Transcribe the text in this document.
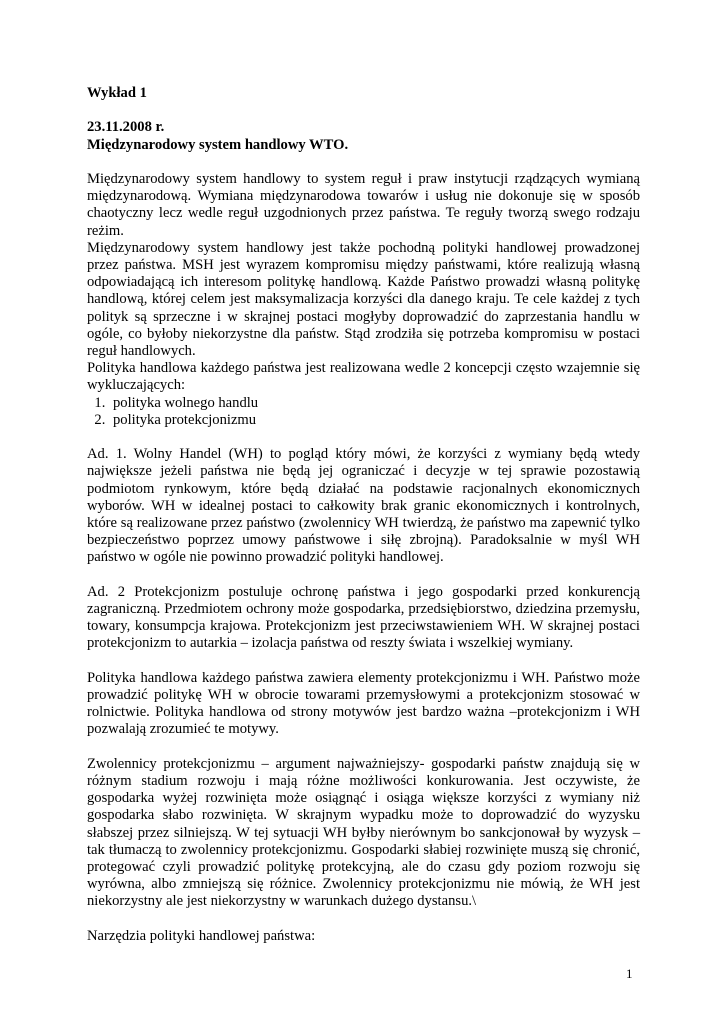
Wykład 1

23.11.2008 r.

Międzynarodowy system handlowy WTO.

Międzynarodowy system handlowy to system reguł i praw instytucji rządzących wymianą międzynarodową. Wymiana międzynarodowa towarów i usług nie dokonuje się w sposób chaotyczny lecz wedle reguł uzgodnionych przez państwa. Te reguły tworzą swego rodzaju reżim.

Międzynarodowy system handlowy jest także pochodną polityki handlowej prowadzonej przez państwa. MSH jest wyrazem kompromisu między państwami, które realizują własną odpowiadającą ich interesom politykę handlową. Każde Państwo prowadzi własną politykę handlową, której celem jest maksymalizacja korzyści dla danego kraju. Te cele każdej z tych polityk są sprzeczne i w skrajnej postaci mogłyby doprowadzić do zaprzestania handlu w ogóle, co byłoby niekorzystne dla państw. Stąd zrodziła się potrzeba kompromisu w postaci reguł handlowych.

Polityka handlowa każdego państwa jest realizowana wedle 2 koncepcji często wzajemnie się wykluczających:

1. polityka wolnego handlu
2. polityka protekcjonizmu

Ad. 1. Wolny Handel (WH) to pogląd który mówi, że korzyści z wymiany będą wtedy największe jeżeli państwa nie będą jej ograniczać i decyzje w tej sprawie pozostawią podmiotom rynkowym, które będą działać na podstawie racjonalnych ekonomicznych wyborów. WH w idealnej postaci to całkowity brak granic ekonomicznych i kontrolnych, które są realizowane przez państwo (zwolennicy WH twierdzą, że państwo ma zapewnić tylko bezpieczeństwo poprzez umowy państwowe i siłę zbrojną). Paradoksalnie w myśl WH państwo w ogóle nie powinno prowadzić polityki handlowej.

Ad. 2 Protekcjonizm postuluje ochronę państwa i jego gospodarki przed konkurencją zagraniczną. Przedmiotem ochrony może gospodarka, przedsiębiorstwo, dziedzina przemysłu, towary, konsumpcja krajowa. Protekcjonizm jest przeciwstawieniem WH. W skrajnej postaci protekcjonizm to autarkia – izolacja państwa od reszty świata i wszelkiej wymiany.

Polityka handlowa każdego państwa zawiera elementy protekcjonizmu i WH. Państwo może prowadzić politykę WH w obrocie towarami przemysłowymi a protekcjonizm stosować w rolnictwie. Polityka handlowa od strony motywów jest bardzo ważna –protekcjonizm i WH pozwalają zrozumieć te motywy.

Zwolennicy protekcjonizmu – argument najważniejszy- gospodarki państw znajdują się w różnym stadium rozwoju i mają różne możliwości konkurowania. Jest oczywiste, że gospodarka wyżej rozwinięta może osiągnąć i osiąga większe korzyści z wymiany niż gospodarka słabo rozwinięta. W skrajnym wypadku może to doprowadzić do wyzysku słabszej przez silniejszą. W tej sytuacji WH byłby nierównym bo sankcjonował by wyzysk – tak tłumaczą to zwolennicy protekcjonizmu. Gospodarki słabiej rozwinięte muszą się chronić, protegować czyli prowadzić politykę protekcyjną, ale do czasu gdy poziom rozwoju się wyrówna, albo zmniejszą się różnice. Zwolennicy protekcjonizmu nie mówią, że WH jest niekorzystny ale jest niekorzystny w warunkach dużego dystansu.\

Narzędzia polityki handlowej państwa:

1
